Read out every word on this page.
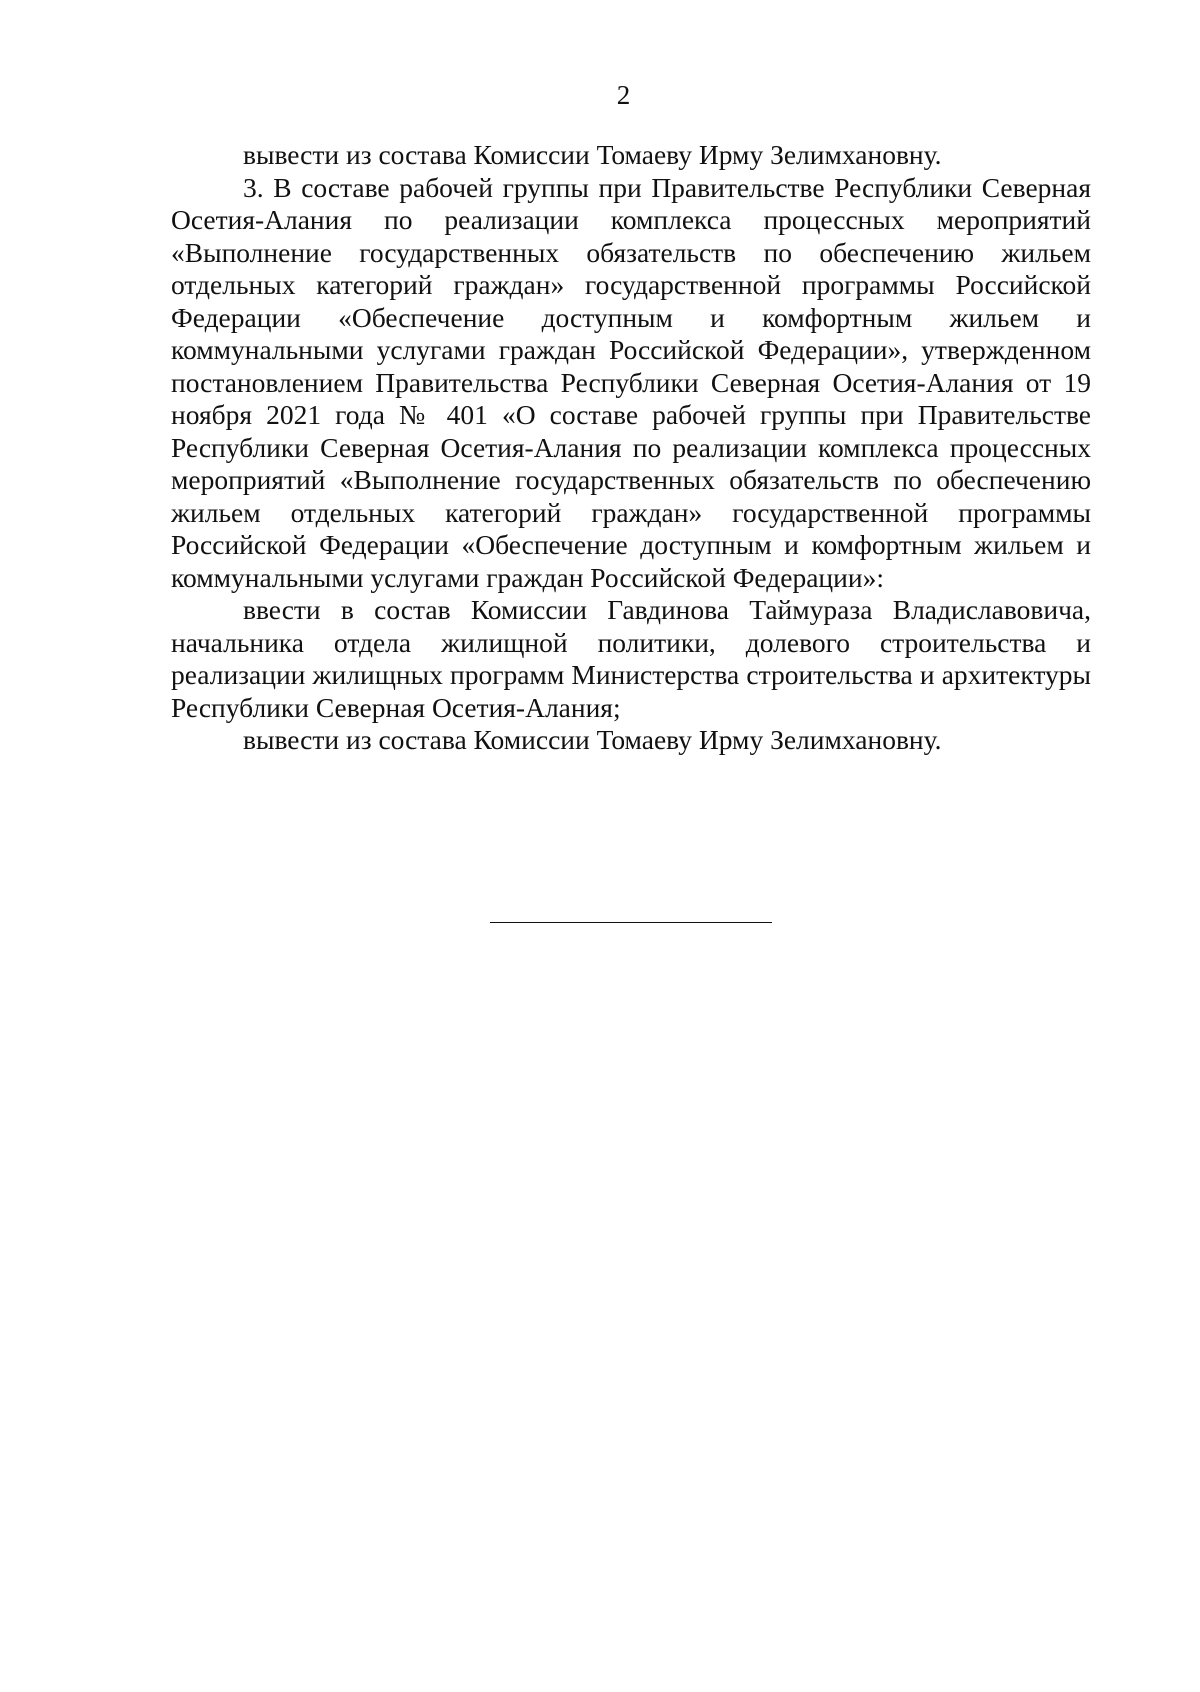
2

вывести из состава Комиссии Томаеву Ирму Зелимхановну.

3. В составе рабочей группы при Правительстве Республики Северная Осетия-Алания по реализации комплекса процессных мероприятий «Выполнение государственных обязательств по обеспечению жильем отдельных категорий граждан» государственной программы Российской Федерации «Обеспечение доступным и комфортным жильем и коммунальными услугами граждан Российской Федерации», утвержденном постановлением Правительства Республики Северная Осетия-Алания от 19 ноября 2021 года № 401 «О составе рабочей группы при Правительстве Республики Северная Осетия-Алания по реализации комплекса процессных мероприятий «Выполнение государственных обязательств по обеспечению жильем отдельных категорий граждан» государственной программы Российской Федерации «Обеспечение доступным и комфортным жильем и коммунальными услугами граждан Российской Федерации»:

ввести в состав Комиссии Гавдинова Таймураза Владиславовича, начальника отдела жилищной политики, долевого строительства и реализации жилищных программ Министерства строительства и архитектуры Республики Северная Осетия-Алания;

вывести из состава Комиссии Томаеву Ирму Зелимхановну.
